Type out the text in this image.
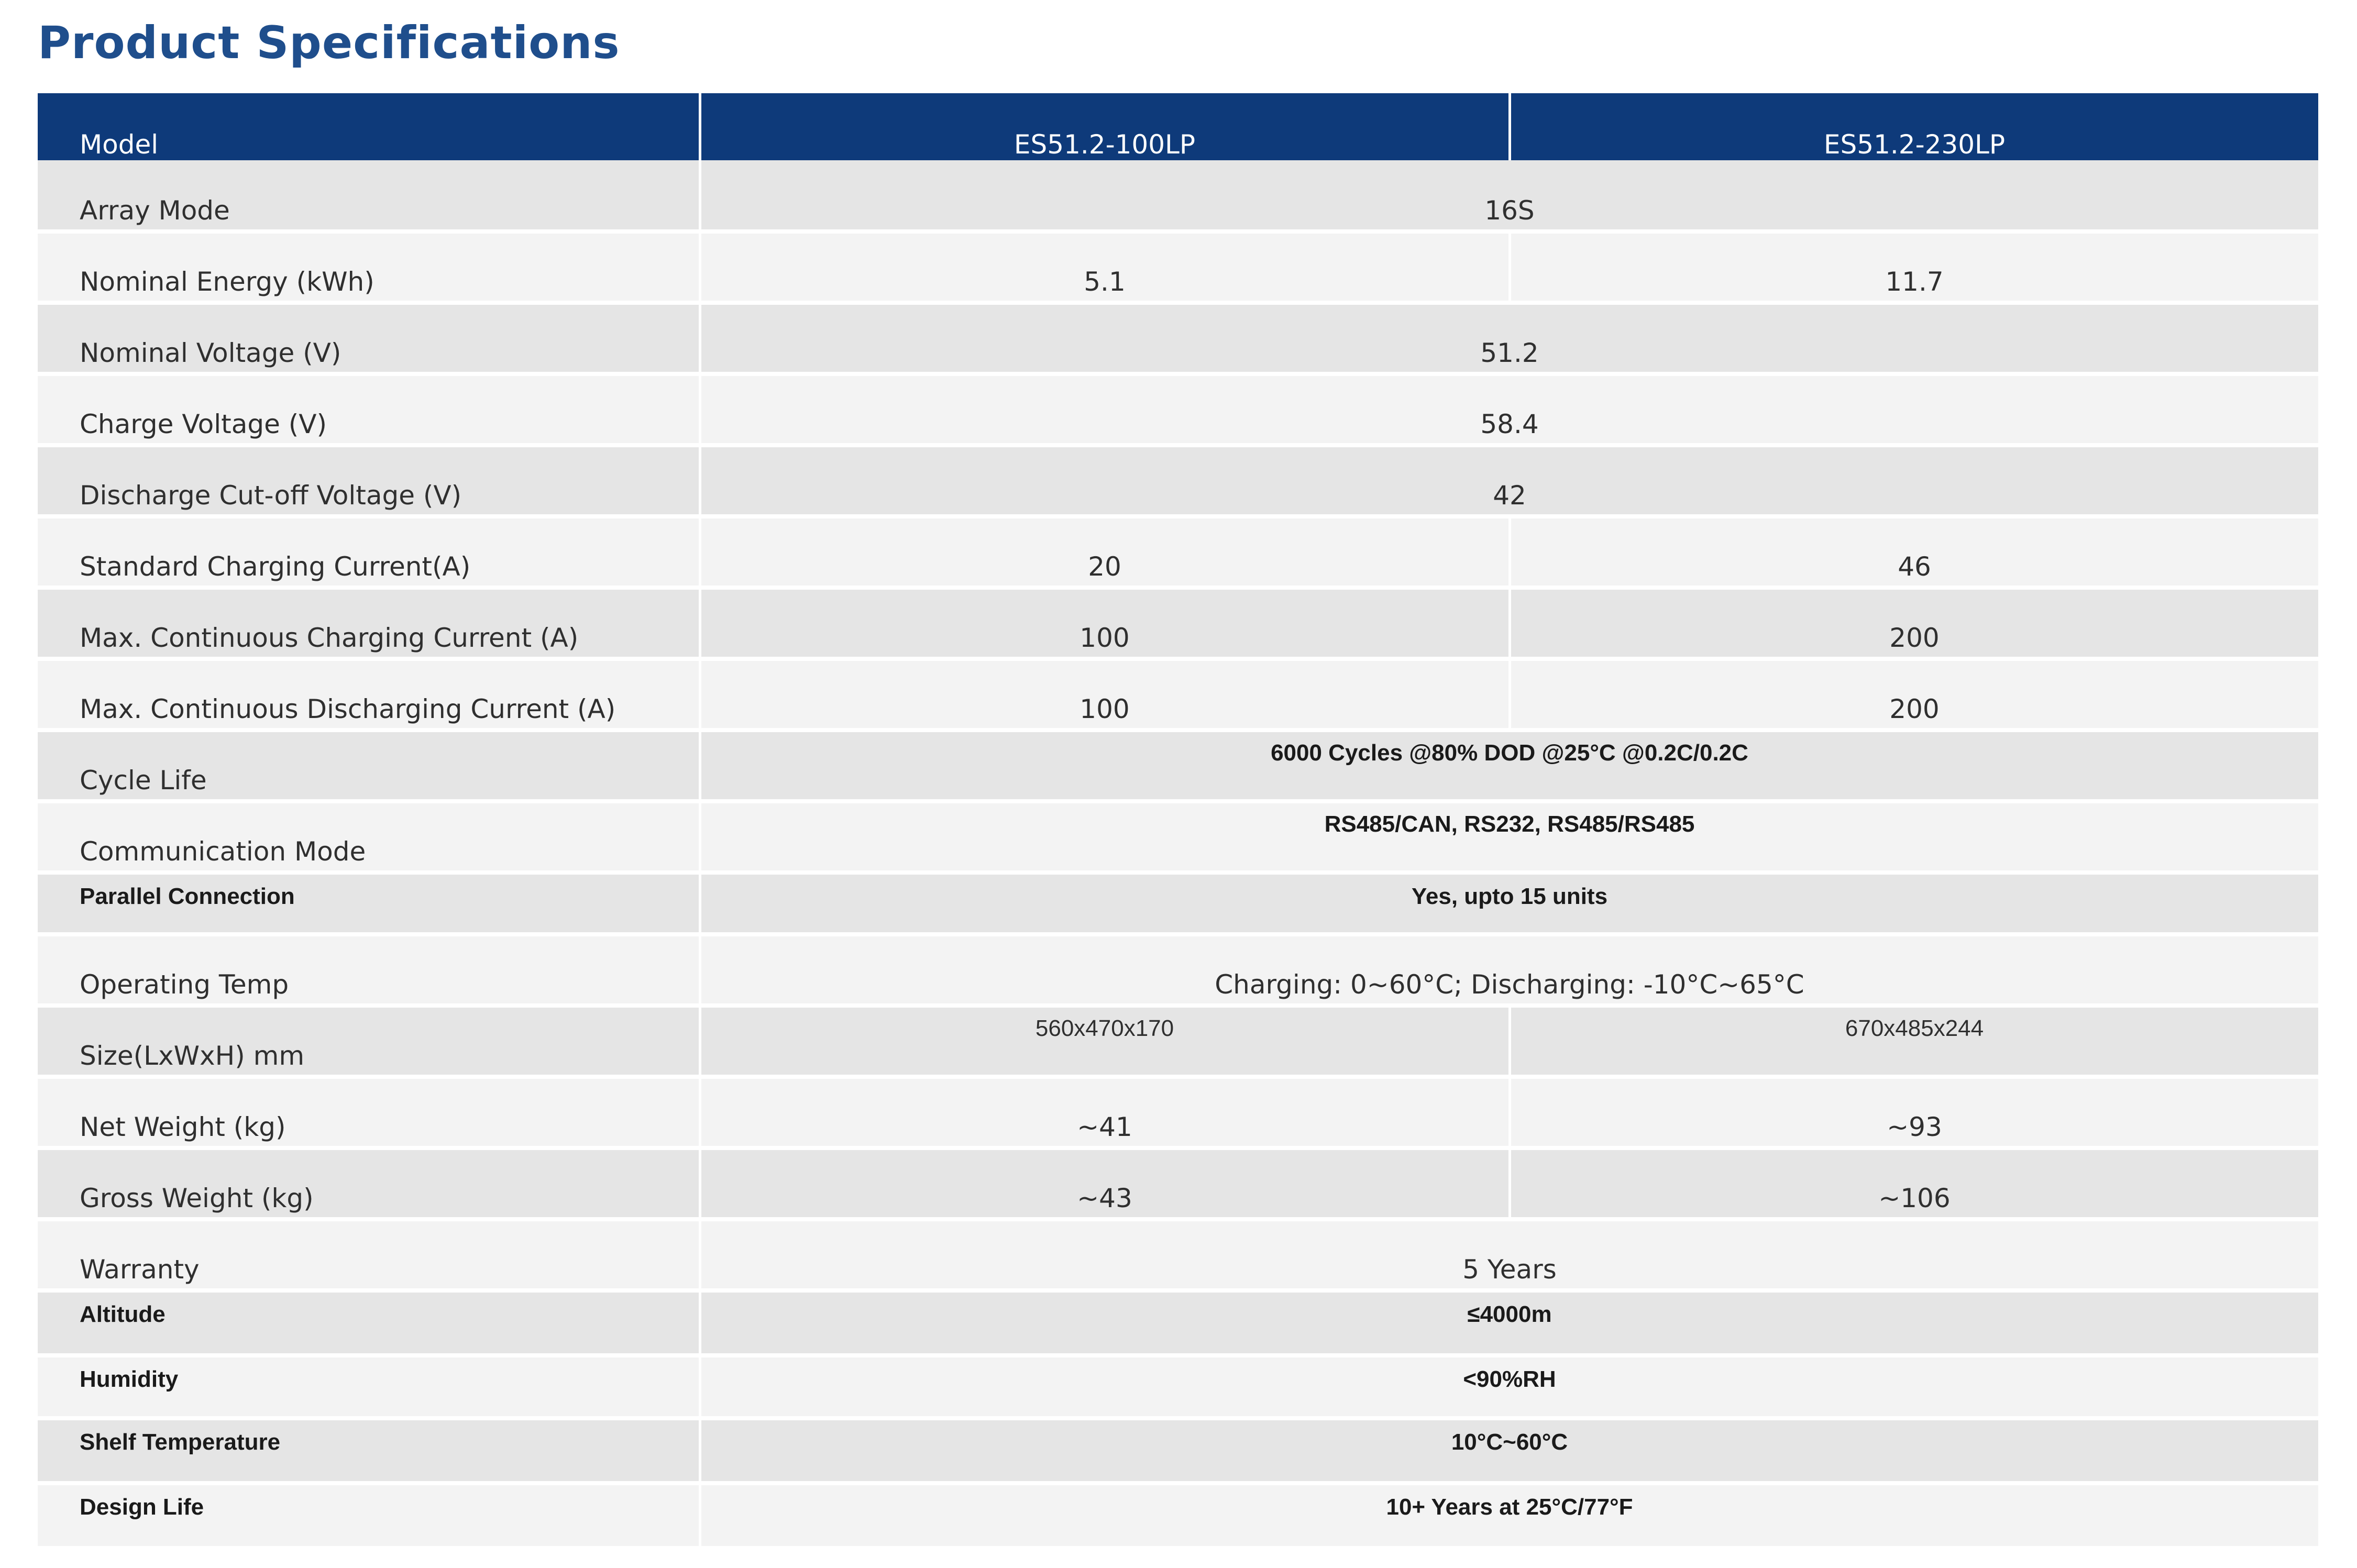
Product Specifications
Model	ES51.2-100LP	ES51.2-230LP
Array Mode	16S	
Nominal Energy (kWh)	5.1	11.7
Nominal Voltage (V)	51.2	
Charge Voltage (V)	58.4	
Discharge Cut-off Voltage (V)	42	
Standard Charging Current(A)	20	46
Max. Continuous Charging Current (A)	100	200
Max. Continuous Discharging Current (A)	100	200
Cycle Life	6000 Cycles @80% DOD @25°C @0.2C/0.2C	
Communication Mode	RS485/CAN, RS232, RS485/RS485	
Parallel Connection	Yes, upto 15 units	
Operating Temp	Charging: 0~60°C; Discharging: -10°C~65°C	
Size(LxWxH) mm	560x470x170	670x485x244
Net Weight (kg)	~41	~93
Gross Weight (kg)	~43	~106
Warranty	5 Years	
Altitude	≤4000m	
Humidity	<90%RH	
Shelf Temperature	10°C~60°C	
Design Life	10+ Years at 25°C/77°F	
